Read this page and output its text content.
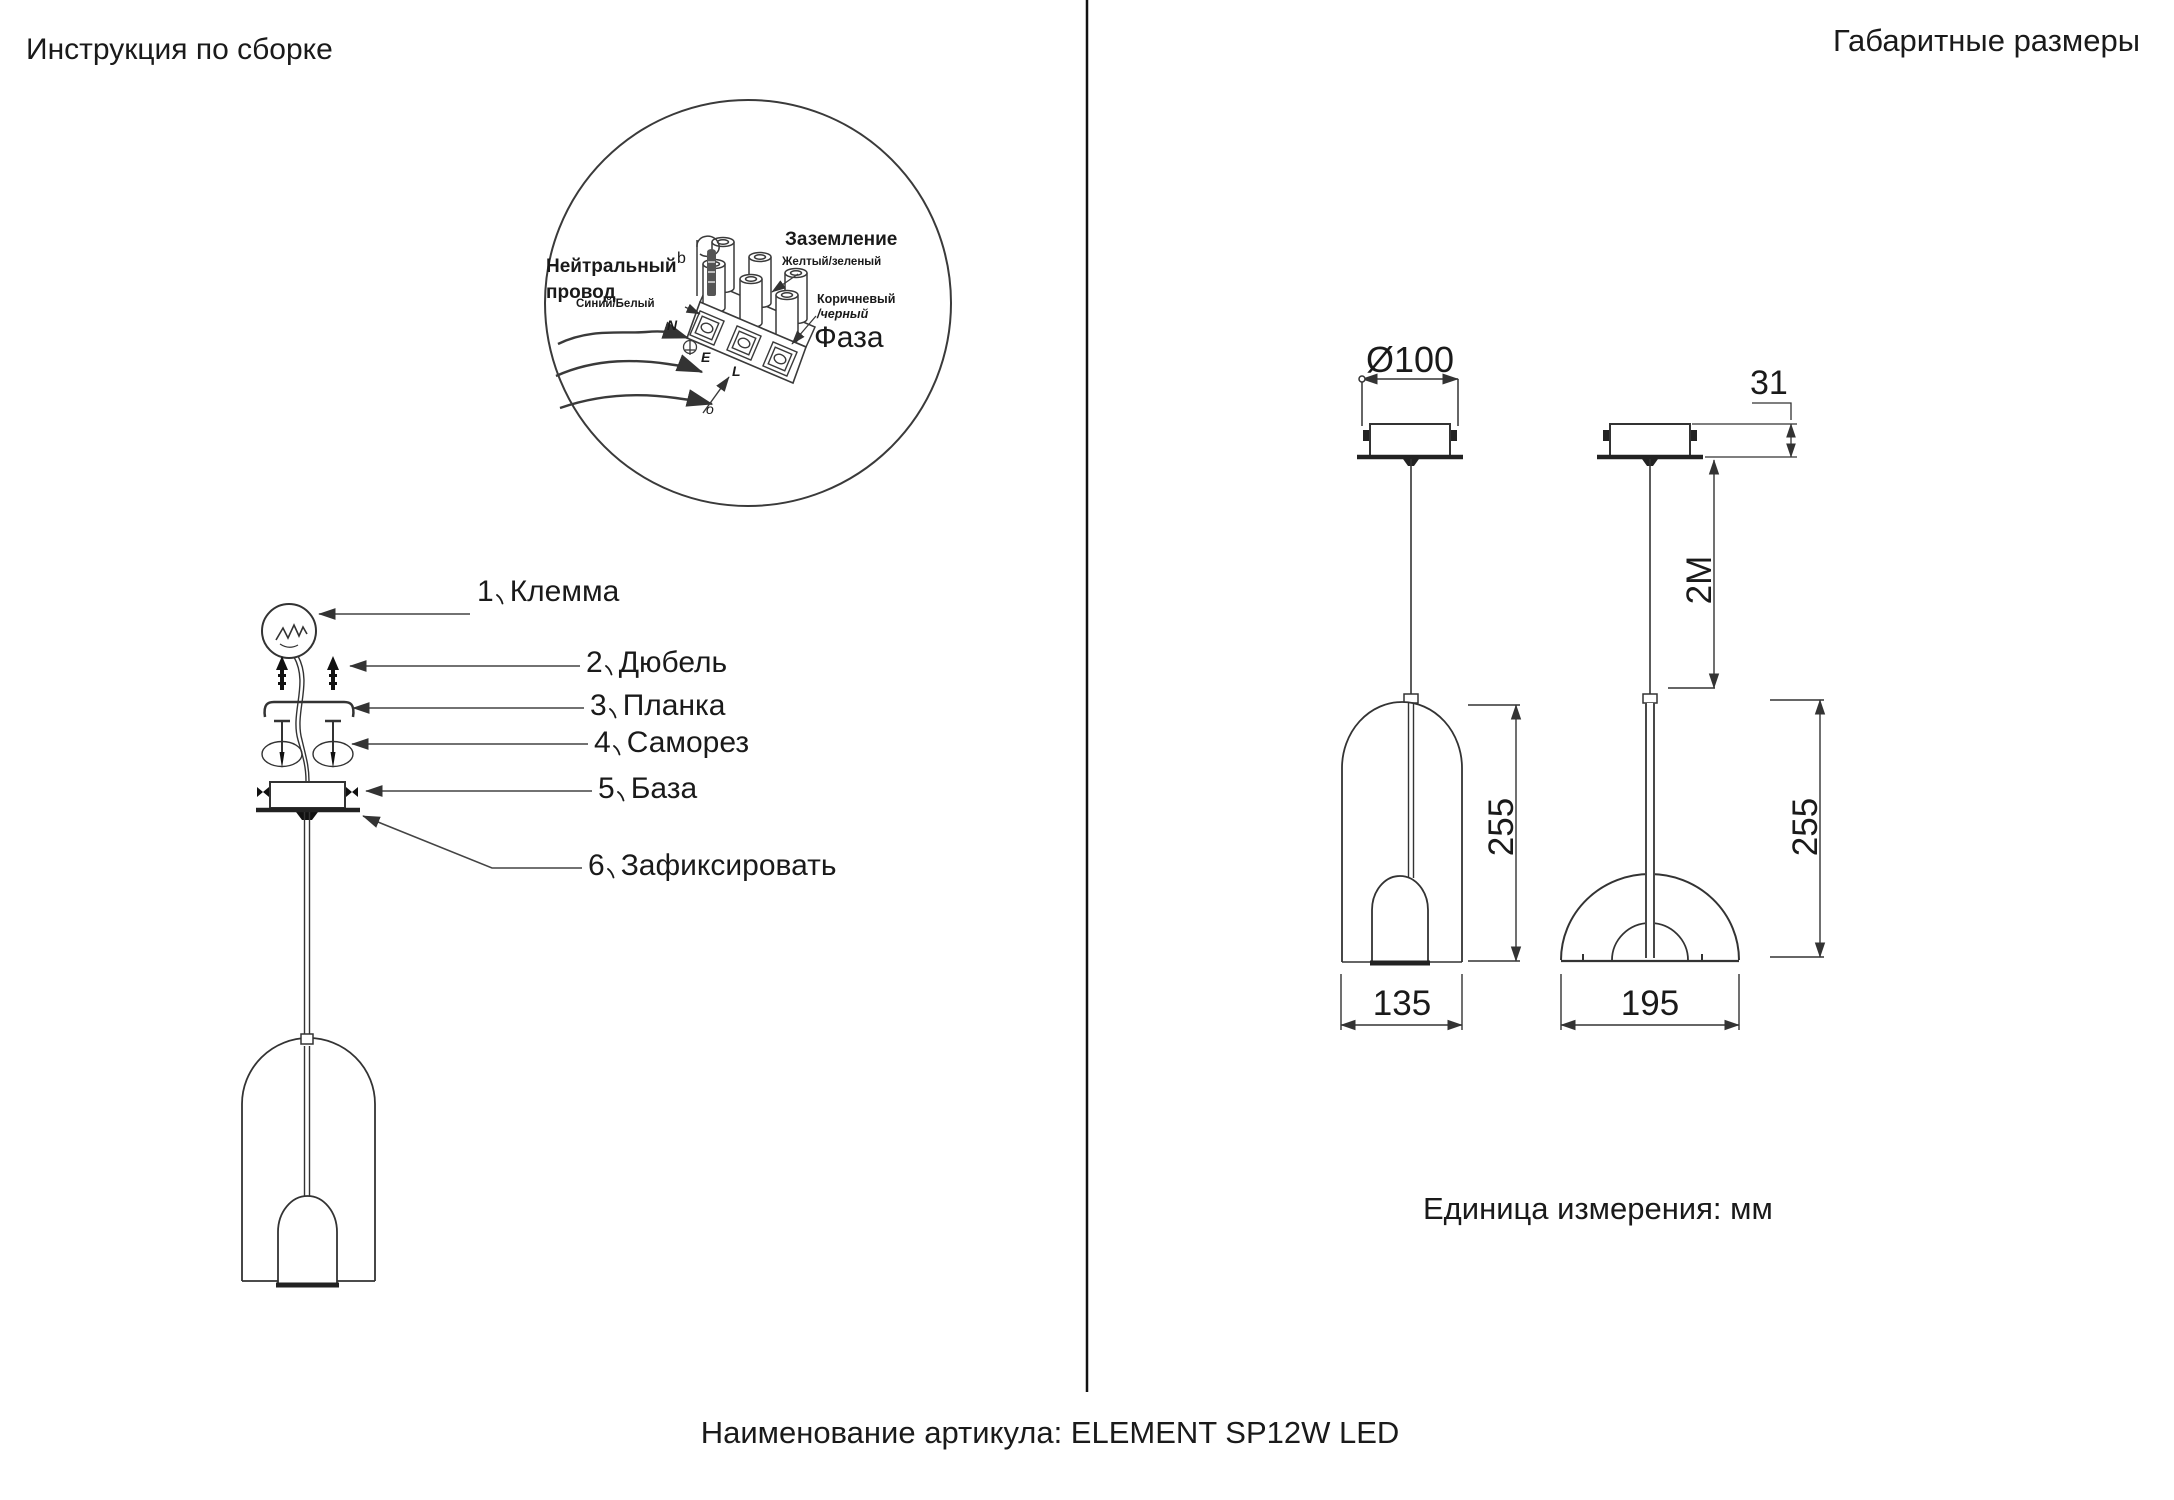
Инструкция по сборке	Габаритные размеры
Нейтральный
провод
b
Синий/Белый
Заземление
Желтый/зеленый
Коричневый
/черный
Фаза
N
E
L
o
1 Клемма
2 Дюбель
3 Планка
4 Саморез
5 База
6 Зафиксировать
Ø100
31
2M
255	255
135	195
Единица измерения: мм
Наименование артикула: ELEMENT SP12W LED
